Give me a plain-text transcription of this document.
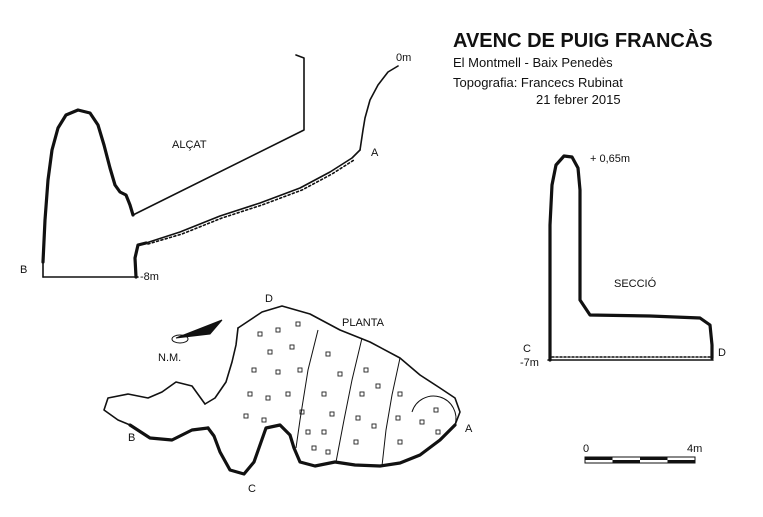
AVENC DE PUIG FRANCÀS
El Montmell - Baix Penedès
Topografia: Francecs Rubinat
21 febrer 2015
ALÇAT
0m
A
B
-8m
+ 0,65m
SECCIÓ
C
-7m
D
N.M.
D
PLANTA
A
B
C
0	4m
